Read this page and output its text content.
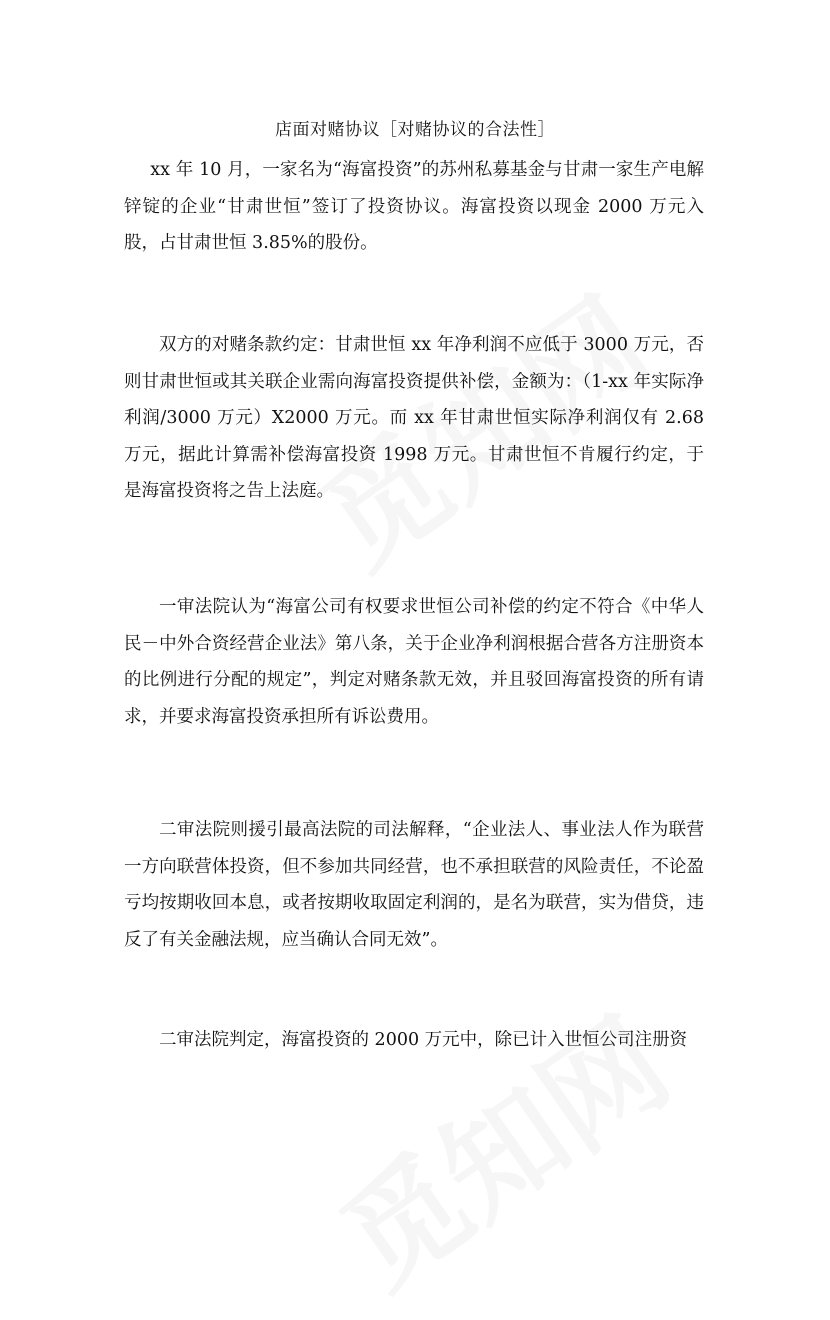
店面对赌协议［对赌协议的合法性］

xx 年 10 月，一家名为“海富投资”的苏州私募基金与甘肃一家生产电解锌锭的企业“甘肃世恒”签订了投资协议。海富投资以现金 2000 万元入股，占甘肃世恒 3.85%的股份。

双方的对赌条款约定：甘肃世恒 xx 年净利润不应低于 3000 万元，否则甘肃世恒或其关联企业需向海富投资提供补偿，金额为：（1-xx 年实际净利润/3000 万元）X2000 万元。而 xx 年甘肃世恒实际净利润仅有 2.68 万元，据此计算需补偿海富投资 1998 万元。甘肃世恒不肯履行约定，于是海富投资将之告上法庭。

一审法院认为“海富公司有权要求世恒公司补偿的约定不符合《中华人民－中外合资经营企业法》第八条，关于企业净利润根据合营各方注册资本的比例进行分配的规定”，判定对赌条款无效，并且驳回海富投资的所有请求，并要求海富投资承担所有诉讼费用。

二审法院则援引最高法院的司法解释，“企业法人、事业法人作为联营一方向联营体投资，但不参加共同经营，也不承担联营的风险责任，不论盈亏均按期收回本息，或者按期收取固定利润的，是名为联营，实为借贷，违反了有关金融法规，应当确认合同无效”。

二审法院判定，海富投资的 2000 万元中，除已计入世恒公司注册资
